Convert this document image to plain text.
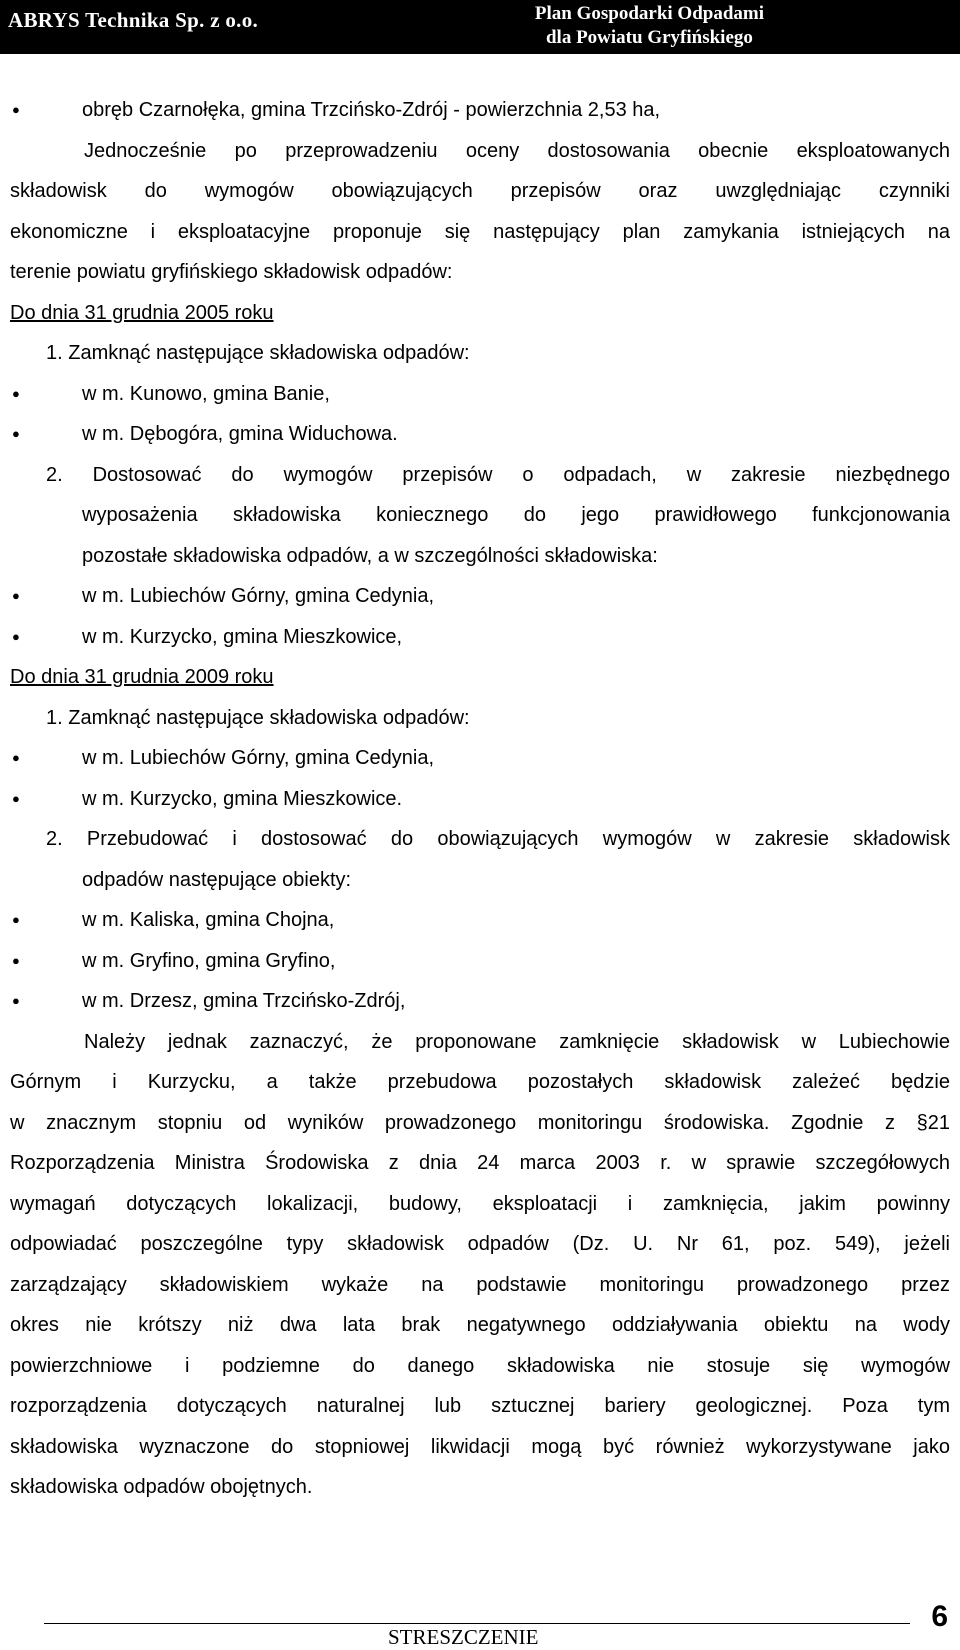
ABRYS Technika Sp. z o.o.	Plan Gospodarki Odpadami
dla Powiatu Gryfińskiego
● obręb Czarnołęka, gmina Trzcińsko-Zdrój - powierzchnia 2,53 ha,
Jednocześnie po przeprowadzeniu oceny dostosowania obecnie eksploatowanych
składowisk do wymogów obowiązujących przepisów oraz uwzględniając czynniki
ekonomiczne i eksploatacyjne proponuje się następujący plan zamykania istniejących na
terenie powiatu gryfińskiego składowisk odpadów:
Do dnia 31 grudnia 2005 roku
1. Zamknąć następujące składowiska odpadów:
● w m. Kunowo, gmina Banie,
● w m. Dębogóra, gmina Widuchowa.
2. Dostosować do wymogów przepisów o odpadach, w zakresie niezbędnego
wyposażenia składowiska koniecznego do jego prawidłowego funkcjonowania
pozostałe składowiska odpadów, a w szczególności składowiska:
● w m. Lubiechów Górny, gmina Cedynia,
● w m. Kurzycko, gmina Mieszkowice,
Do dnia 31 grudnia 2009 roku
1. Zamknąć następujące składowiska odpadów:
● w m. Lubiechów Górny, gmina Cedynia,
● w m. Kurzycko, gmina Mieszkowice.
2. Przebudować i dostosować do obowiązujących wymogów w zakresie składowisk
odpadów następujące obiekty:
● w m. Kaliska, gmina Chojna,
● w m. Gryfino, gmina Gryfino,
● w m. Drzesz, gmina Trzcińsko-Zdrój,
Należy jednak zaznaczyć, że proponowane zamknięcie składowisk w Lubiechowie
Górnym i Kurzycku, a także przebudowa pozostałych składowisk zależeć będzie
w znacznym stopniu od wyników prowadzonego monitoringu środowiska. Zgodnie z §21
Rozporządzenia Ministra Środowiska z dnia 24 marca 2003 r. w sprawie szczegółowych
wymagań dotyczących lokalizacji, budowy, eksploatacji i zamknięcia, jakim powinny
odpowiadać poszczególne typy składowisk odpadów (Dz. U. Nr 61, poz. 549), jeżeli
zarządzający składowiskiem wykaże na podstawie monitoringu prowadzonego przez
okres nie krótszy niż dwa lata brak negatywnego oddziaływania obiektu na wody
powierzchniowe i podziemne do danego składowiska nie stosuje się wymogów
rozporządzenia dotyczących naturalnej lub sztucznej bariery geologicznej. Poza tym
składowiska wyznaczone do stopniowej likwidacji mogą być również wykorzystywane jako
składowiska odpadów obojętnych.
STRESZCZENIE
6
